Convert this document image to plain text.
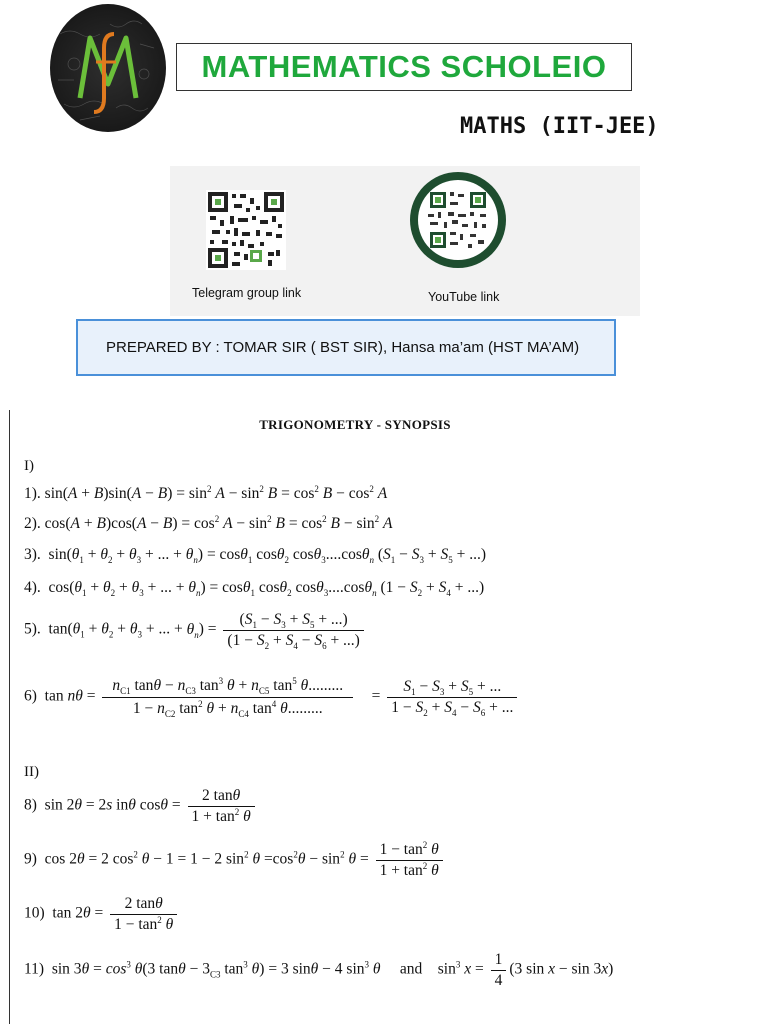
MATHEMATICS SCHOLEIO
MATHS (IIT-JEE)
Telegram group link	YouTube link
PREPARED BY : TOMAR SIR ( BST SIR), Hansa ma’am (HST MA’AM)
TRIGONOMETRY - SYNOPSIS
I)
1). $\sin(A + B)\sin(A - B) = \sin^2 A - \sin^2 B = \cos^2 B - \cos^2 A$
2). $\cos(A + B)\cos(A - B) = \cos^2 A - \sin^2 B = \cos^2 B - \sin^2 A$
3).  $\sin(\theta_1 + \theta_2 + \theta_3$ + ... + $\theta_n) = \cos\theta_1$ cosθ$_2$ cosθ$_3$....cosθ$_n$ ($S_1 - S_3 + S_5$ + ...)
4).  $\cos(\theta_1 + \theta_2 + \theta_3$ + ... + $\theta_n) = \cos\theta_1$ cosθ$_2$ cosθ$_3$....cosθ$_n$ ($1 - S_2 + S_4$ + ...)
5).  $\tan(\theta_1 + \theta_2 + \theta_3$ + ... + $\theta_n) = \frac{(S_1 - S_3 + S_5 + ...)}{(1 - S_2 + S_4 - S_6 + ...)}$
6)  $\tan n\theta = \frac{n_{C1} \tan\theta - n_{C3} \tan^3 \theta + n_{C5} \tan^5 \theta.........}{1 - n_{C2} \tan^2 \theta + n_{C4} \tan^4 \theta.........} = \frac{S_1 - S_3 + S_5 + ...}{1 - S_2 + S_4 - S_6 + ...}$
II)
8)  sin 2θ = 2s inθ $\cos\theta = \frac{2 \tan\theta}{1 + \tan^2 \theta}$
9)  cos 2θ = 2 $\cos^2 \theta - 1 = 1 - 2$ $\sin^2 \theta =\cos^2\theta - \sin^2 \theta = \frac{1 - \tan^2 \theta}{1 + \tan^2 \theta}$
10)  $\tan 2\theta = \frac{2 \tan\theta}{1 - \tan^2 \theta}$
11)  $\sin 3\theta = \cos^3 \theta(3$ $\tan\theta - 3_{C3}$ $\tan^3 \theta) = 3$ sinθ − 4 $\sin^3 \theta$     and    $\sin^3 x = \frac{1}{4} (3$ sin x − sin 3x)
